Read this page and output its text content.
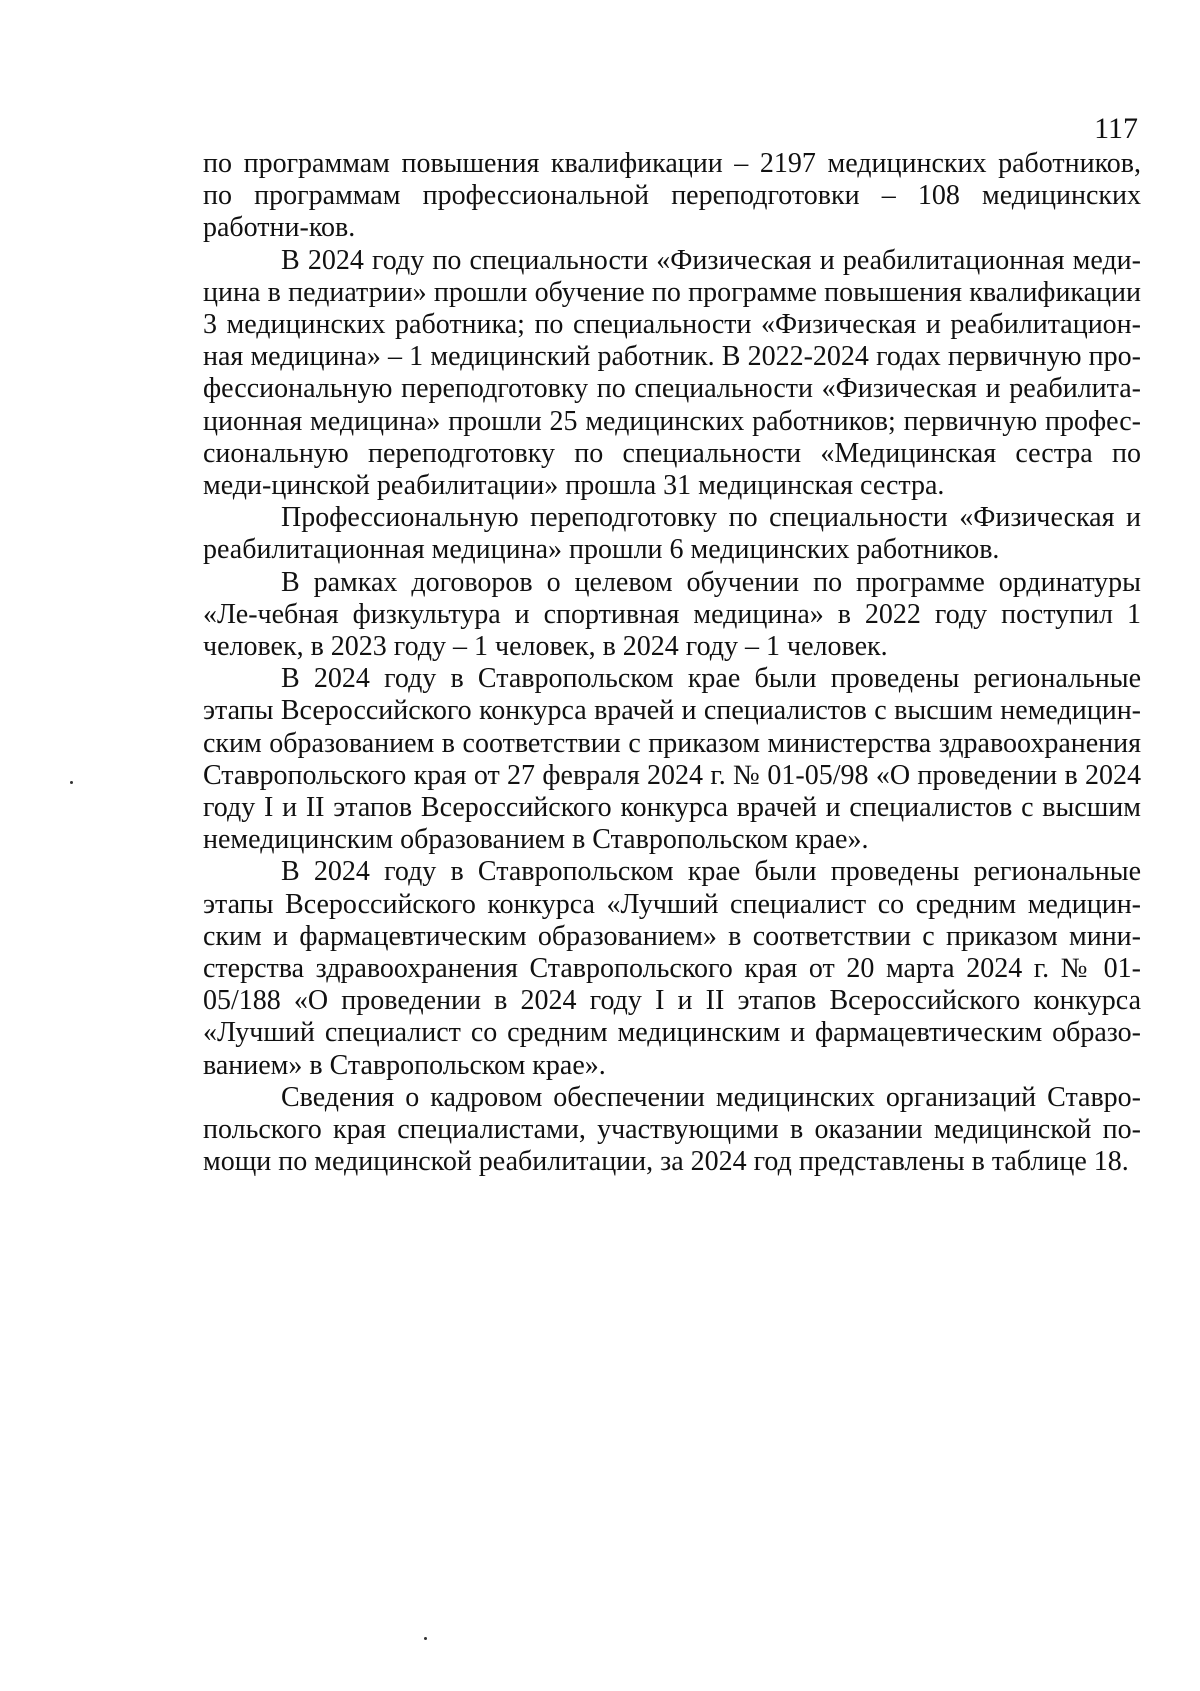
117

по программам повышения квалификации – 2197 медицинских работников, по программам профессиональной переподготовки – 108 медицинских работни-ков.

В 2024 году по специальности «Физическая и реабилитационная меди-цина в педиатрии» прошли обучение по программе повышения квалификации 3 медицинских работника; по специальности «Физическая и реабилитацион-ная медицина» – 1 медицинский работник. В 2022-2024 годах первичную про-фессиональную переподготовку по специальности «Физическая и реабилита-ционная медицина» прошли 25 медицинских работников; первичную профес-сиональную переподготовку по специальности «Медицинская сестра по меди-цинской реабилитации» прошла 31 медицинская сестра.

Профессиональную переподготовку по специальности «Физическая и реабилитационная медицина» прошли 6 медицинских работников.

В рамках договоров о целевом обучении по программе ординатуры «Ле-чебная физкультура и спортивная медицина» в 2022 году поступил 1 человек, в 2023 году – 1 человек, в 2024 году – 1 человек.

В 2024 году в Ставропольском крае были проведены региональные этапы Всероссийского конкурса врачей и специалистов с высшим немедицин-ским образованием в соответствии с приказом министерства здравоохранения Ставропольского края от 27 февраля 2024 г. № 01-05/98 «О проведении в 2024 году I и II этапов Всероссийского конкурса врачей и специалистов с высшим немедицинским образованием в Ставропольском крае».

В 2024 году в Ставропольском крае были проведены региональные этапы Всероссийского конкурса «Лучший специалист со средним медицин-ским и фармацевтическим образованием» в соответствии с приказом мини-стерства здравоохранения Ставропольского края от 20 марта 2024 г. № 01-05/188 «О проведении в 2024 году I и II этапов Всероссийского конкурса «Лучший специалист со средним медицинским и фармацевтическим образо-ванием» в Ставропольском крае».

Сведения о кадровом обеспечении медицинских организаций Ставро-польского края специалистами, участвующими в оказании медицинской по-мощи по медицинской реабилитации, за 2024 год представлены в таблице 18.
